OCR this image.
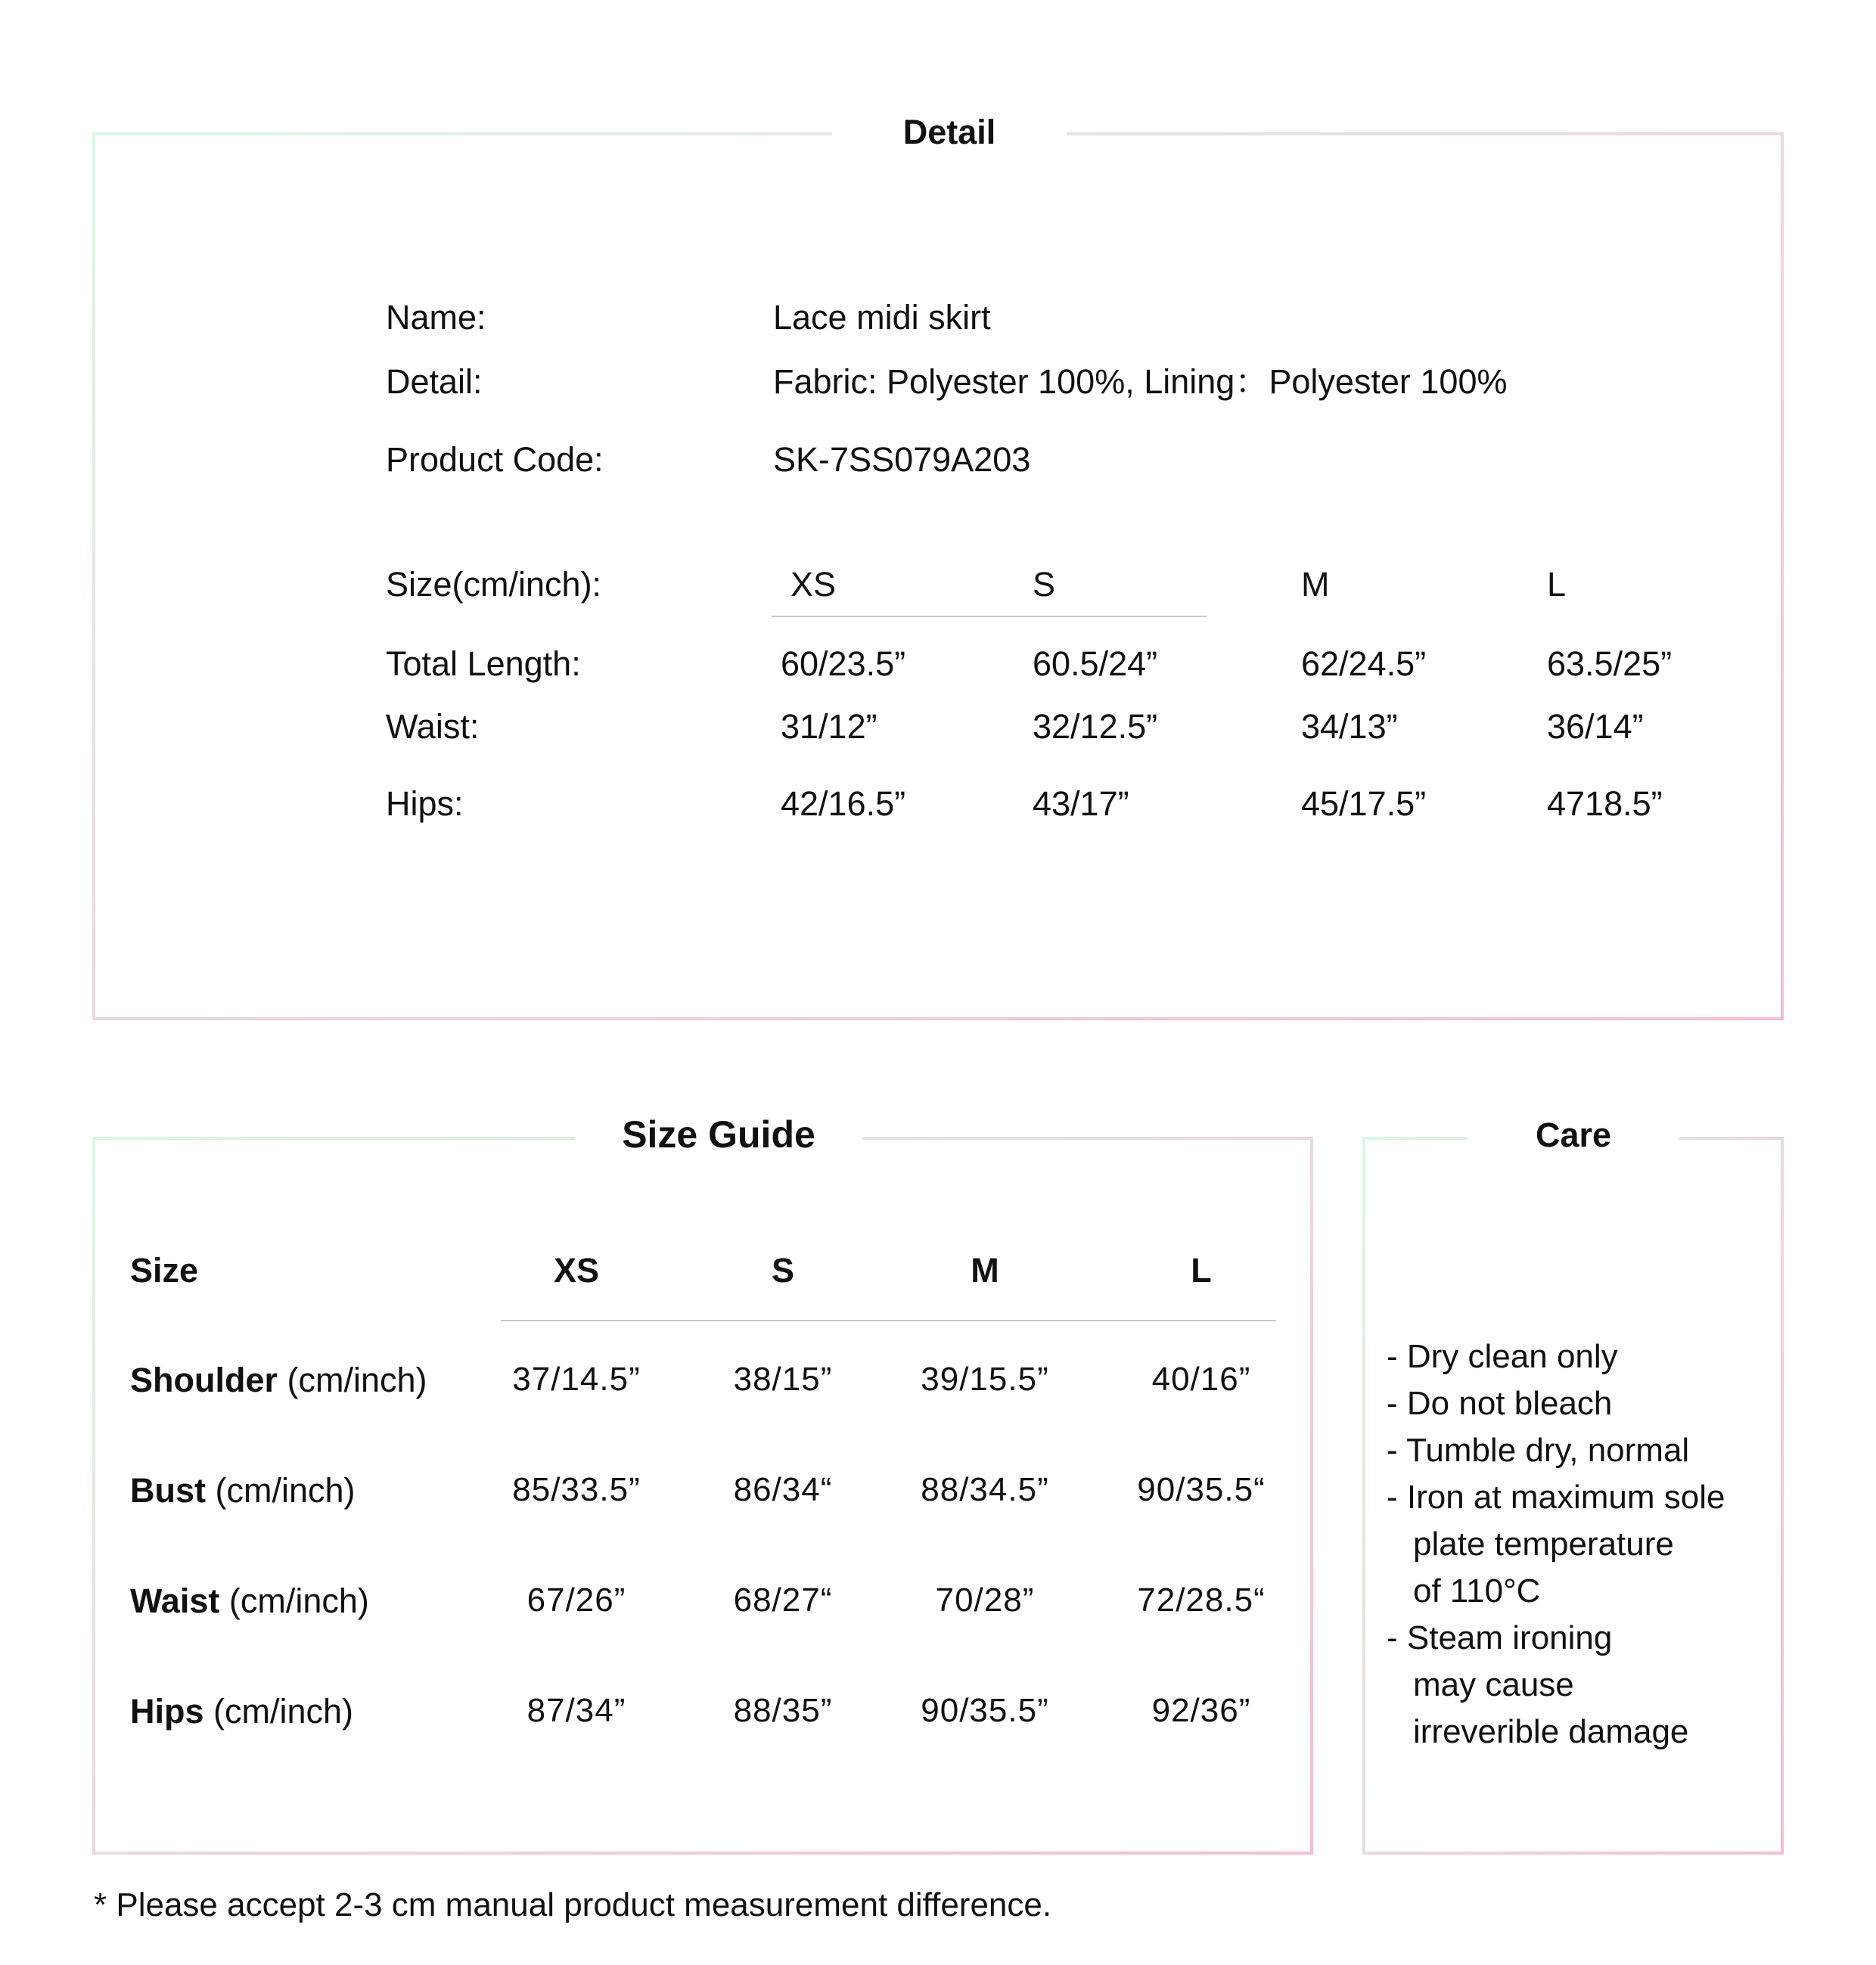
Detail
Name:	Lace midi skirt
Detail:	Fabric: Polyester 100%, Lining：Polyester 100%
Product Code:	SK-7SS079A203
Size(cm/inch):	XS	S	M	L
Total Length:	60/23.5”	60.5/24”	62/24.5”	63.5/25”
Waist:	31/12”	32/12.5”	34/13”	36/14”
Hips:	42/16.5”	43/17”	45/17.5”	4718.5”
Size Guide
Size	XS	S	M	L
Shoulder (cm/inch)	37/14.5”	38/15”	39/15.5”	40/16”
Bust (cm/inch)	85/33.5”	86/34“	88/34.5”	90/35.5“
Waist (cm/inch)	67/26”	68/27“	70/28”	72/28.5“
Hips (cm/inch)	87/34”	88/35”	90/35.5”	92/36”
Care
- Dry clean only
- Do not bleach
- Tumble dry, normal
- Iron at maximum sole
plate temperature
of 110°C
- Steam ironing
may cause
irreverible damage
* Please accept 2-3 cm manual product measurement difference.
